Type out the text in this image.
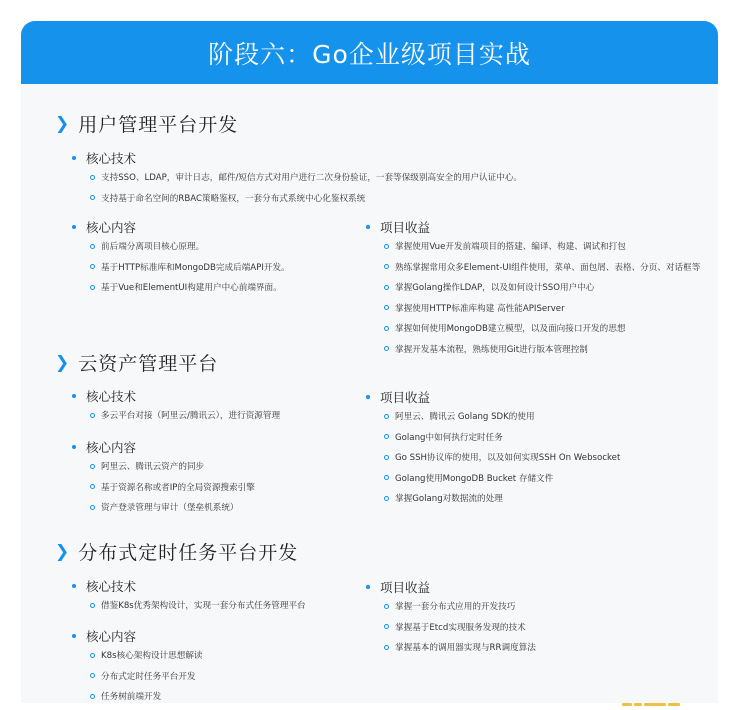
阶段六：Go企业级项目实战
❯ 用户管理平台开发
核心技术
支持SSO、LDAP，审计日志，邮件/短信方式对用户进行二次身份验证，一套等保级别高安全的用户认证中心。
支持基于命名空间的RBAC策略鉴权，一套分布式系统中心化鉴权系统
核心内容
前后端分离项目核心原理。
基于HTTP标准库和MongoDB完成后端API开发。
基于Vue和ElementUI构建用户中心前端界面。
项目收益
掌握使用Vue开发前端项目的搭建、编译、构建、调试和打包
熟练掌握常用众多Element-UI组件使用，菜单、面包屑、表格、分页、对话框等
掌握Golang操作LDAP，以及如何设计SSO用户中心
掌握使用HTTP标准库构建 高性能APIServer
掌握如何使用MongoDB建立模型，以及面向接口开发的思想
掌握开发基本流程，熟练使用Git进行版本管理控制
❯ 云资产管理平台
核心技术
多云平台对接（阿里云/腾讯云），进行资源管理
核心内容
阿里云、腾讯云资产的同步
基于资源名称或者IP的全局资源搜索引擎
资产登录管理与审计（堡垒机系统）
项目收益
阿里云、腾讯云 Golang SDK的使用
Golang中如何执行定时任务
Go SSH协议库的使用，以及如何实现SSH On Websocket
Golang使用MongoDB Bucket 存储文件
掌握Golang对数据流的处理
❯ 分布式定时任务平台开发
核心技术
借鉴K8s优秀架构设计，实现一套分布式任务管理平台
核心内容
K8s核心架构设计思想解读
分布式定时任务平台开发
任务树前端开发
项目收益
掌握一套分布式应用的开发技巧
掌握基于Etcd实现服务发现的技术
掌握基本的调用器实现与RR调度算法
